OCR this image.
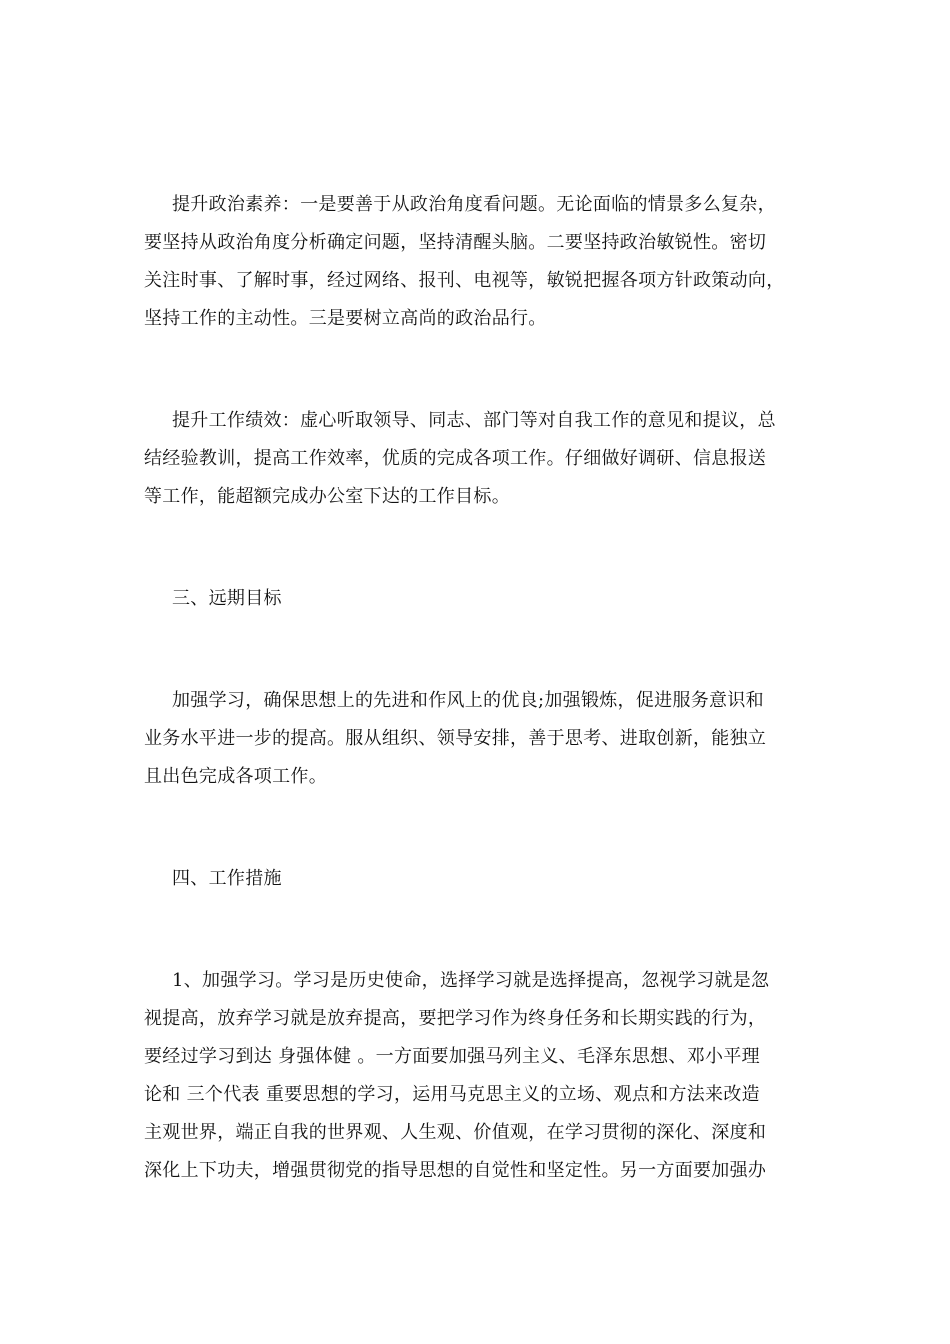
提升政治素养：一是要善于从政治角度看问题。无论面临的情景多么复杂，
要坚持从政治角度分析确定问题，坚持清醒头脑。二要坚持政治敏锐性。密切
关注时事、了解时事，经过网络、报刊、电视等，敏锐把握各项方针政策动向，
坚持工作的主动性。三是要树立高尚的政治品行。
提升工作绩效：虚心听取领导、同志、部门等对自我工作的意见和提议，总
结经验教训，提高工作效率，优质的完成各项工作。仔细做好调研、信息报送
等工作，能超额完成办公室下达的工作目标。
三、远期目标
加强学习，确保思想上的先进和作风上的优良;加强锻炼，促进服务意识和
业务水平进一步的提高。服从组织、领导安排，善于思考、进取创新，能独立
且出色完成各项工作。
四、工作措施
1、加强学习。学习是历史使命，选择学习就是选择提高，忽视学习就是忽
视提高，放弃学习就是放弃提高，要把学习作为终身任务和长期实践的行为，
要经过学习到达 身强体健 。一方面要加强马列主义、毛泽东思想、邓小平理
论和 三个代表 重要思想的学习，运用马克思主义的立场、观点和方法来改造
主观世界，端正自我的世界观、人生观、价值观，在学习贯彻的深化、深度和
深化上下功夫，增强贯彻党的指导思想的自觉性和坚定性。另一方面要加强办
